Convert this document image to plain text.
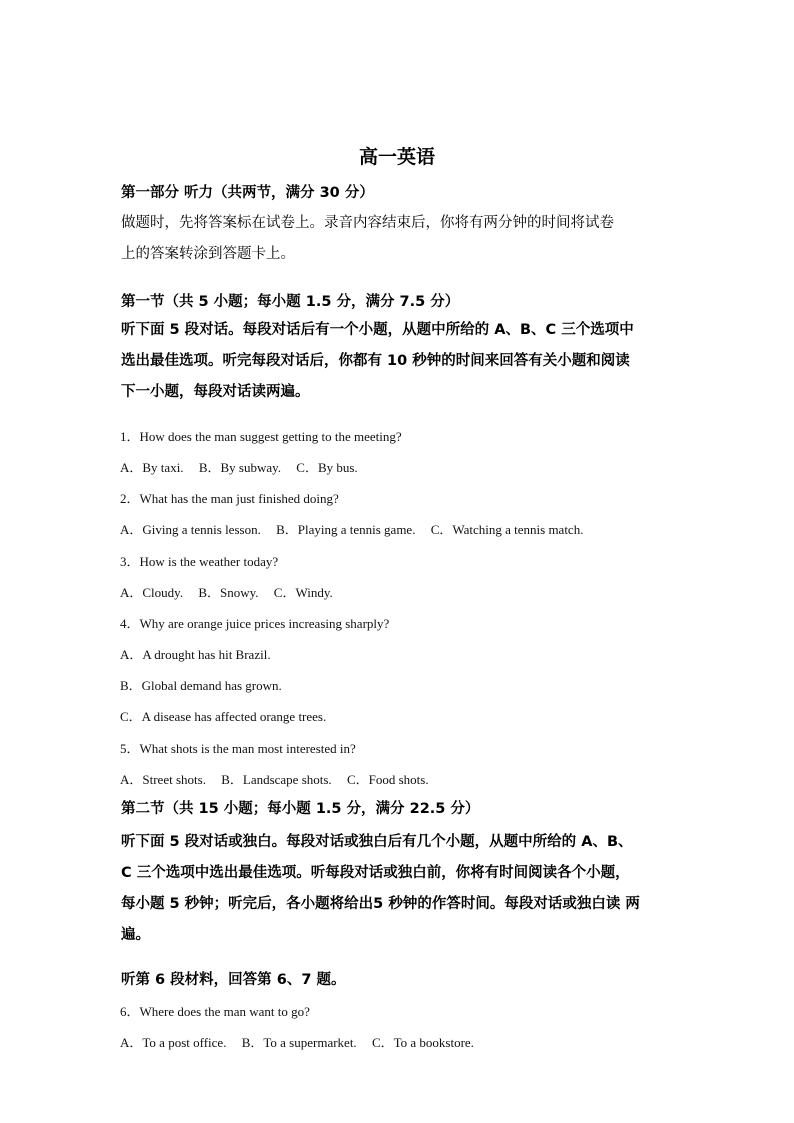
高一英语
第一部分 听力（共两节，满分 30 分）
做题时，先将答案标在试卷上。录音内容结束后，你将有两分钟的时间将试卷
上的答案转涂到答题卡上。
第一节（共 5 小题；每小题 1.5 分，满分 7.5 分）
听下面 5 段对话。每段对话后有一个小题，从题中所给的 A、B、C 三个选项中
选出最佳选项。听完每段对话后，你都有 10 秒钟的时间来回答有关小题和阅读
下一小题，每段对话读两遍。
1．How does the man suggest getting to the meeting?
A．By taxi. B．By subway. C．By bus.
2．What has the man just finished doing?
A．Giving a tennis lesson. B．Playing a tennis game. C．Watching a tennis match.
3．How is the weather today?
A．Cloudy. B．Snowy. C．Windy.
4．Why are orange juice prices increasing sharply?
A．A drought has hit Brazil.
B．Global demand has grown.
C．A disease has affected orange trees.
5．What shots is the man most interested in?
A．Street shots. B．Landscape shots. C．Food shots.
第二节（共 15 小题；每小题 1.5 分，满分 22.5 分）
听下面 5 段对话或独白。每段对话或独白后有几个小题，从题中所给的 A、B、
C 三个选项中选出最佳选项。听每段对话或独白前，你将有时间阅读各个小题，
每小题 5 秒钟；听完后，各小题将给出5 秒钟的作答时间。每段对话或独白读 两
遍。
听第 6 段材料，回答第 6、7 题。
6．Where does the man want to go?
A．To a post office. B．To a supermarket. C．To a bookstore.
